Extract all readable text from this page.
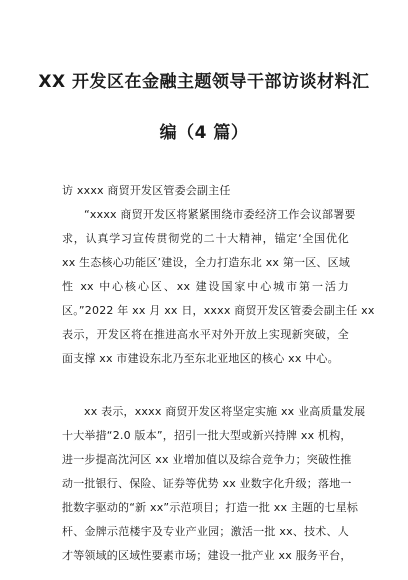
XX 开发区在金融主题领导干部访谈材料汇
编（4 篇）
访 xxxx 商贸开发区管委会副主任
“xxxx 商贸开发区将紧紧围绕市委经济工作会议部署要
求，认真学习宣传贯彻党的二十大精神，锚定‘全国优化
xx 生态核心功能区’建设，全力打造东北 xx 第一区、区域
性 xx 中心核心区、xx 建设国家中心城市第一活力
区。”2022 年 xx 月 xx 日，xxxx 商贸开发区管委会副主任 xx
表示，开发区将在推进高水平对外开放上实现新突破，全
面支撑 xx 市建设东北乃至东北亚地区的核心 xx 中心。
xx 表示，xxxx 商贸开发区将坚定实施 xx 业高质量发展
十大举措“2.0 版本”，招引一批大型或新兴持牌 xx 机构，
进一步提高沈河区 xx 业增加值以及综合竞争力；突破性推
动一批银行、保险、证券等优势 xx 业数字化升级；落地一
批数字驱动的“新 xx”示范项目；打造一批 xx 主题的七星标
杆、金牌示范楼宇及专业产业园；激活一批 xx、技术、人
才等领域的区域性要素市场；建设一批产业 xx 服务平台，
